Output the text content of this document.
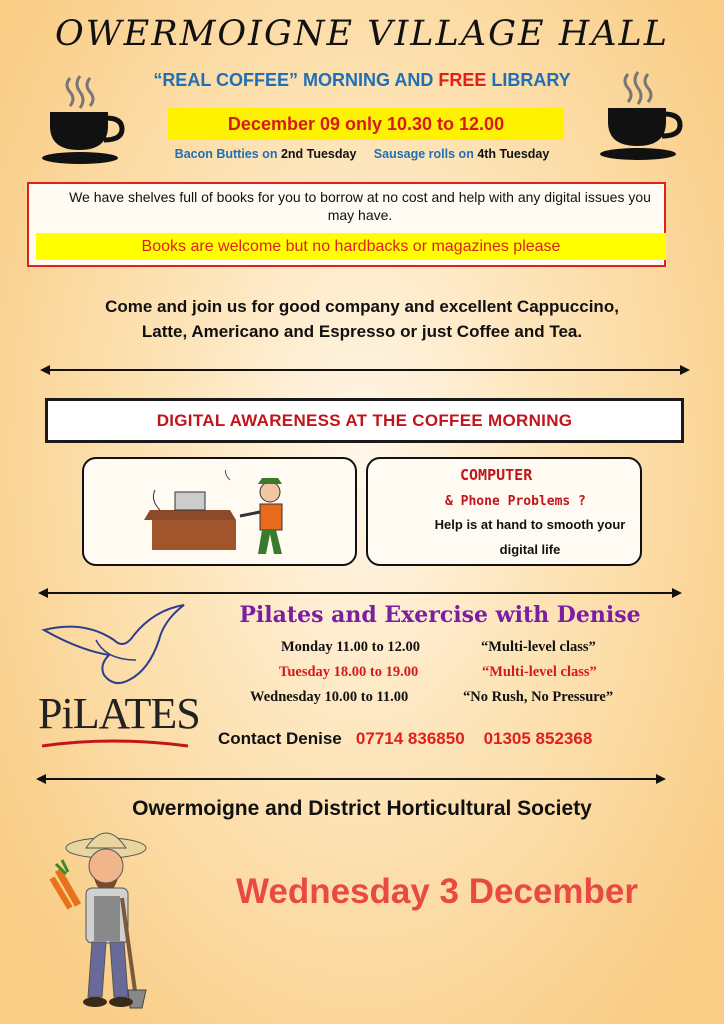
OWERMOIGNE VILLAGE HALL
“REAL COFFEE” MORNING AND FREE LIBRARY
December 09 only 10.30 to 12.00
Bacon Butties on 2nd Tuesday Sausage rolls on 4th Tuesday
We have shelves full of books for you to borrow at no cost and help with any digital issues you may have.
Books are welcome but no hardbacks or magazines please
Come and join us for good company and excellent Cappuccino,
Latte, Americano and Espresso or just Coffee and Tea.
DIGITAL AWARENESS AT THE COFFEE MORNING
COMPUTER
& Phone Problems ?
Help is at hand to smooth your
digital life
PiLATES
Pilates and Exercise with Denise
Monday 11.00 to 12.00	“Multi-level class”
Tuesday 18.00 to 19.00	“Multi-level class”
Wednesday 10.00 to 11.00	“No Rush, No Pressure”
Contact Denise 07714 836850 01305 852368
Owermoigne and District Horticultural Society
Wednesday 3 December
